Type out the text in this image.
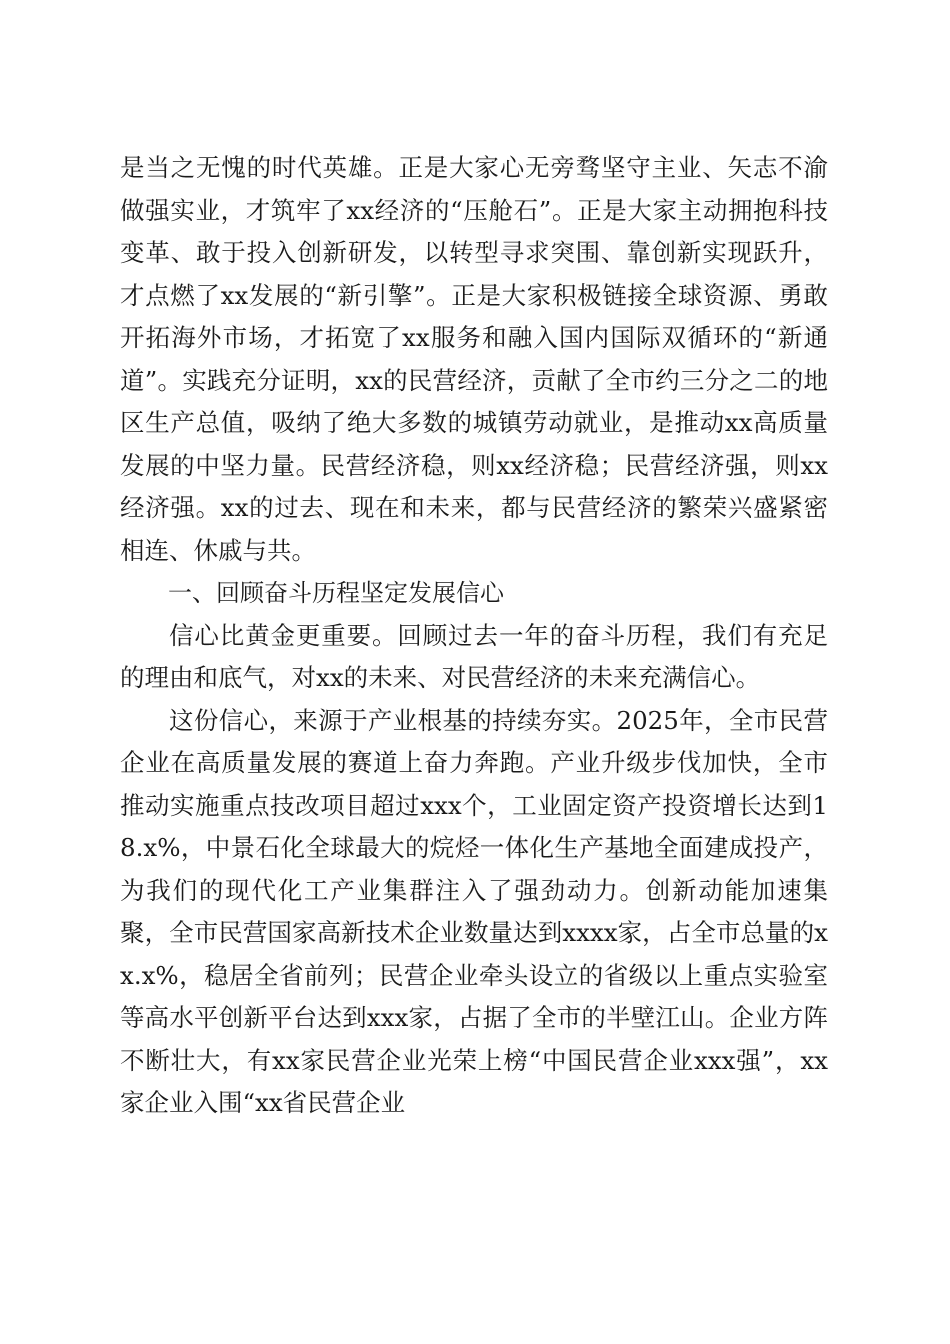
是当之无愧的时代英雄。正是大家心无旁骛坚守主业、矢志不渝做强实业，才筑牢了xx经济的“压舱石”。正是大家主动拥抱科技变革、敢于投入创新研发，以转型寻求突围、靠创新实现跃升，才点燃了xx发展的“新引擎”。正是大家积极链接全球资源、勇敢开拓海外市场，才拓宽了xx服务和融入国内国际双循环的“新通道”。实践充分证明，xx的民营经济，贡献了全市约三分之二的地区生产总值，吸纳了绝大多数的城镇劳动就业，是推动xx高质量发展的中坚力量。民营经济稳，则xx经济稳；民营经济强，则xx经济强。xx的过去、现在和未来，都与民营经济的繁荣兴盛紧密相连、休戚与共。

一、回顾奋斗历程坚定发展信心

信心比黄金更重要。回顾过去一年的奋斗历程，我们有充足的理由和底气，对xx的未来、对民营经济的未来充满信心。

这份信心，来源于产业根基的持续夯实。2025年，全市民营企业在高质量发展的赛道上奋力奔跑。产业升级步伐加快，全市推动实施重点技改项目超过xxx个，工业固定资产投资增长达到18.x%，中景石化全球最大的烷烃一体化生产基地全面建成投产，为我们的现代化工产业集群注入了强劲动力。创新动能加速集聚，全市民营国家高新技术企业数量达到xxxx家，占全市总量的xx.x%，稳居全省前列；民营企业牵头设立的省级以上重点实验室等高水平创新平台达到xxx家，占据了全市的半壁江山。企业方阵不断壮大，有xx家民营企业光荣上榜“中国民营企业xxx强”，xx家企业入围“xx省民营企业
